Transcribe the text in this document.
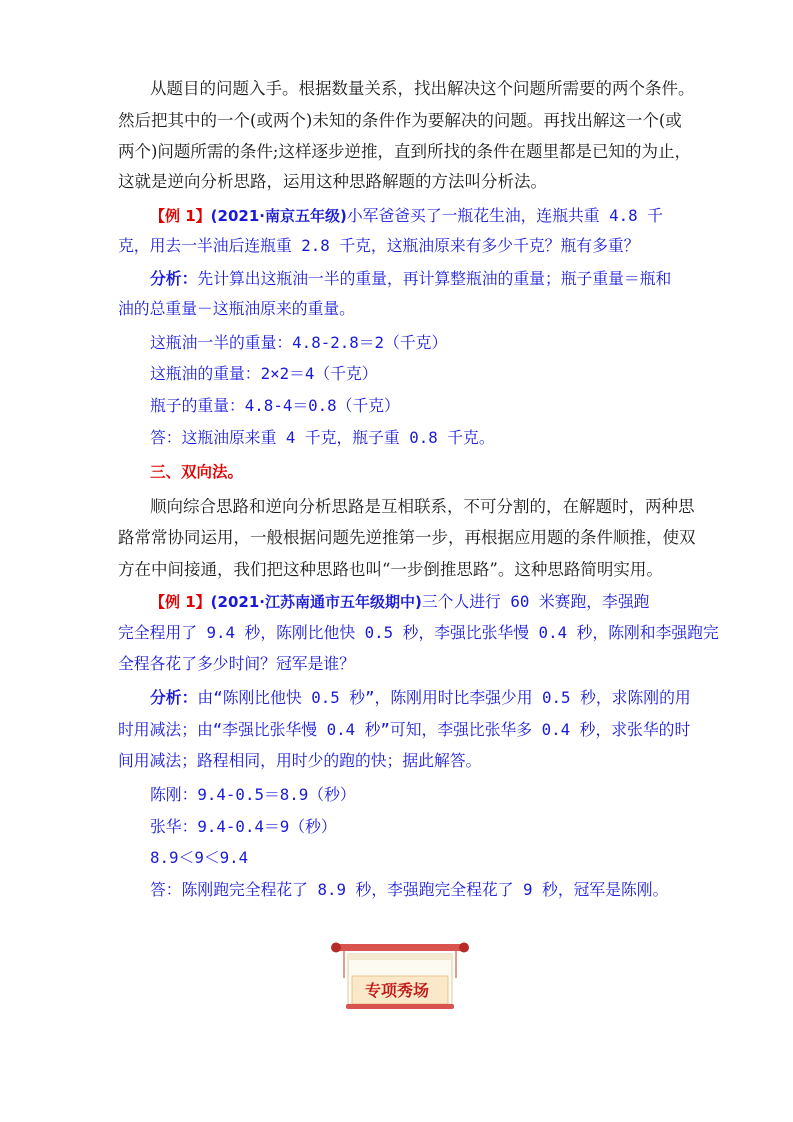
从题目的问题入手。根据数量关系，找出解决这个问题所需要的两个条件。
然后把其中的一个(或两个)未知的条件作为要解决的问题。再找出解这一个(或
两个)问题所需的条件;这样逐步逆推，直到所找的条件在题里都是已知的为止，
这就是逆向分析思路，运用这种思路解题的方法叫分析法。
【例 1】(2021·南京五年级)小军爸爸买了一瓶花生油，连瓶共重 4.8 千
克，用去一半油后连瓶重 2.8 千克，这瓶油原来有多少千克？瓶有多重？
分析：先计算出这瓶油一半的重量，再计算整瓶油的重量；瓶子重量＝瓶和
油的总重量－这瓶油原来的重量。
这瓶油一半的重量：4.8-2.8＝2（千克）
这瓶油的重量：2×2＝4（千克）
瓶子的重量：4.8-4＝0.8（千克）
答：这瓶油原来重 4 千克，瓶子重 0.8 千克。
三、双向法。
顺向综合思路和逆向分析思路是互相联系，不可分割的，在解题时，两种思
路常常协同运用，一般根据问题先逆推第一步，再根据应用题的条件顺推，使双
方在中间接通，我们把这种思路也叫“一步倒推思路”。这种思路简明实用。
【例 1】(2021·江苏南通市五年级期中)三个人进行 60 米赛跑，李强跑
完全程用了 9.4 秒，陈刚比他快 0.5 秒，李强比张华慢 0.4 秒，陈刚和李强跑完
全程各花了多少时间？冠军是谁？
分析：由“陈刚比他快 0.5 秒”，陈刚用时比李强少用 0.5 秒，求陈刚的用
时用减法；由“李强比张华慢 0.4 秒”可知，李强比张华多 0.4 秒，求张华的时
间用减法；路程相同，用时少的跑的快；据此解答。
陈刚：9.4-0.5＝8.9（秒）
张华：9.4-0.4＝9（秒）
8.9＜9＜9.4
答：陈刚跑完全程花了 8.9 秒，李强跑完全程花了 9 秒，冠军是陈刚。
专项秀场
